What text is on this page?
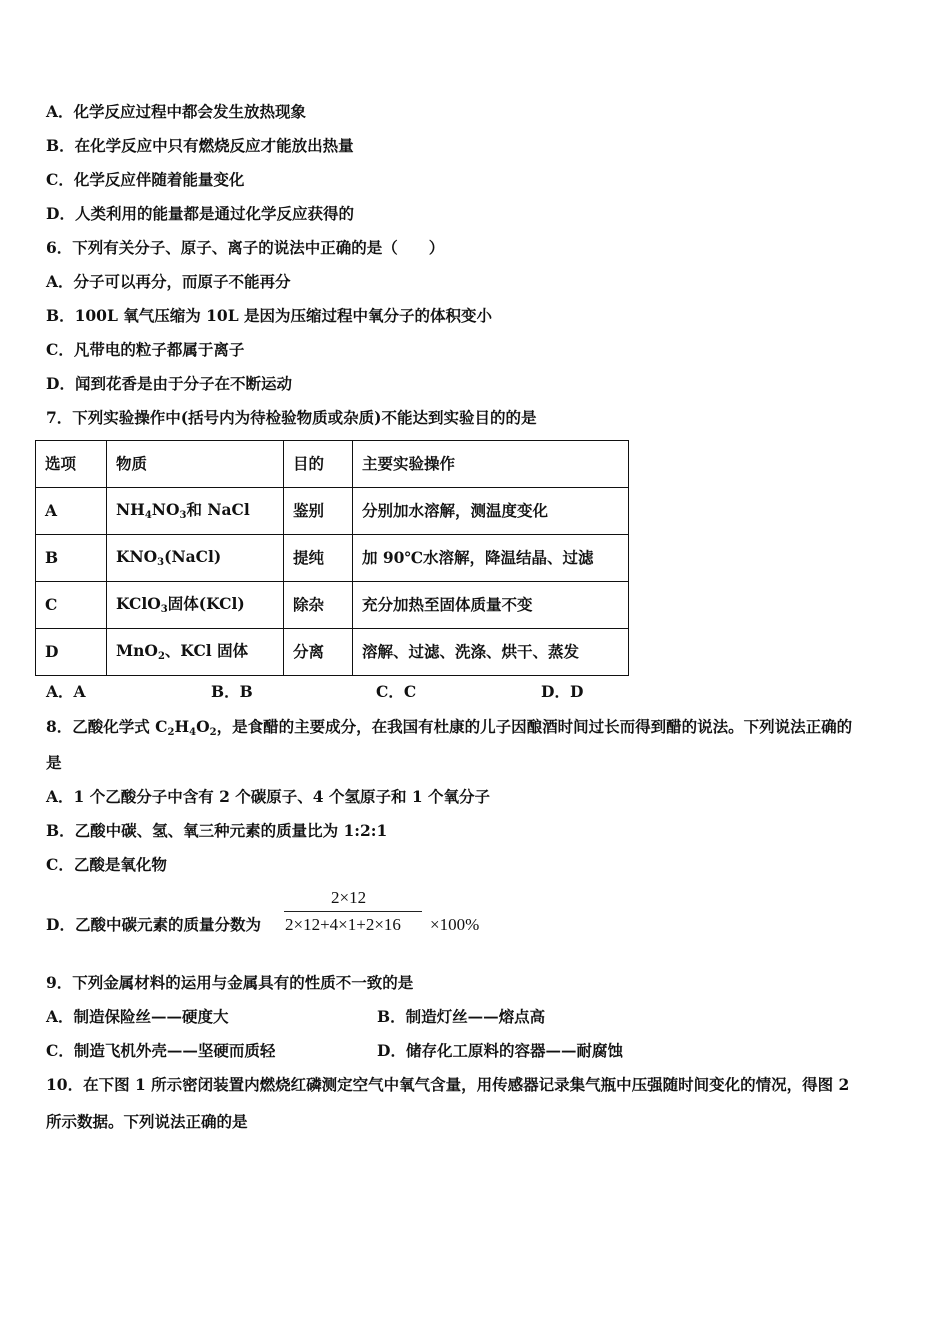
A．化学反应过程中都会发生放热现象
B．在化学反应中只有燃烧反应才能放出热量
C．化学反应伴随着能量变化
D．人类利用的能量都是通过化学反应获得的
6．下列有关分子、原子、离子的说法中正确的是（　　）
A．分子可以再分，而原子不能再分
B．100L 氧气压缩为 10L 是因为压缩过程中氧分子的体积变小
C．凡带电的粒子都属于离子
D．闻到花香是由于分子在不断运动
7．下列实验操作中(括号内为待检验物质或杂质)不能达到实验目的的是
选项	物质	目的	主要实验操作
A	NH4NO3和 NaCl	鉴别	分别加水溶解，测温度变化
B	KNO3(NaCl)	提纯	加 90℃水溶解，降温结晶、过滤
C	KClO3固体(KCl)	除杂	充分加热至固体质量不变
D	MnO2、KCl 固体	分离	溶解、过滤、洗涤、烘干、蒸发
A．A	B．B	C．C	D．D
8．乙酸化学式 C2H4O2，是食醋的主要成分，在我国有杜康的儿子因酿酒时间过长而得到醋的说法。下列说法正确的
是
A．1 个乙酸分子中含有 2 个碳原子、4 个氢原子和 1 个氧分子
B．乙酸中碳、氢、氧三种元素的质量比为 1:2:1
C．乙酸是氧化物
D．乙酸中碳元素的质量分数为
2×12
2×12+4×1+2×16 ×100%
9．下列金属材料的运用与金属具有的性质不一致的是
A．制造保险丝——硬度大	B．制造灯丝——熔点高
C．制造飞机外壳——坚硬而质轻	D．储存化工原料的容器——耐腐蚀
10．在下图 1 所示密闭装置内燃烧红磷测定空气中氧气含量，用传感器记录集气瓶中压强随时间变化的情况，得图 2
所示数据。下列说法正确的是
